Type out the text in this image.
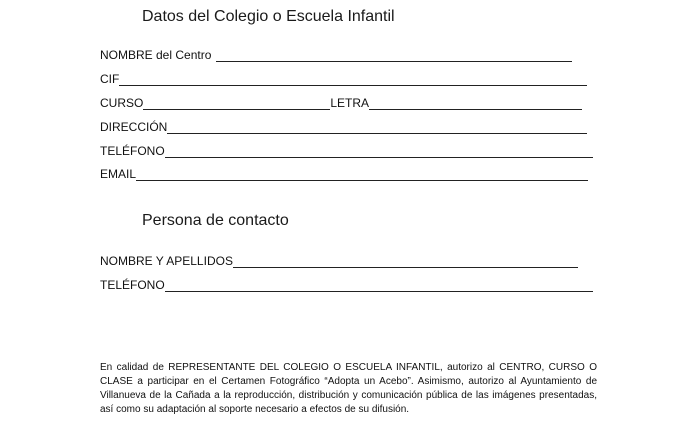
Datos del Colegio o Escuela Infantil
NOMBRE del Centro
CIF
CURSO	LETRA
DIRECCIÓN
TELÉFONO
EMAIL
Persona de contacto
NOMBRE Y APELLIDOS
TELÉFONO

En calidad de REPRESENTANTE DEL COLEGIO O ESCUELA INFANTIL, autorizo al CENTRO, CURSO O CLASE a participar en el Certamen Fotográfico “Adopta un Acebo”. Asimismo, autorizo al Ayuntamiento de Villanueva de la Cañada a la reproducción, distribución y comunicación pública de las imágenes presentadas, así como su adaptación al soporte necesario a efectos de su difusión.
